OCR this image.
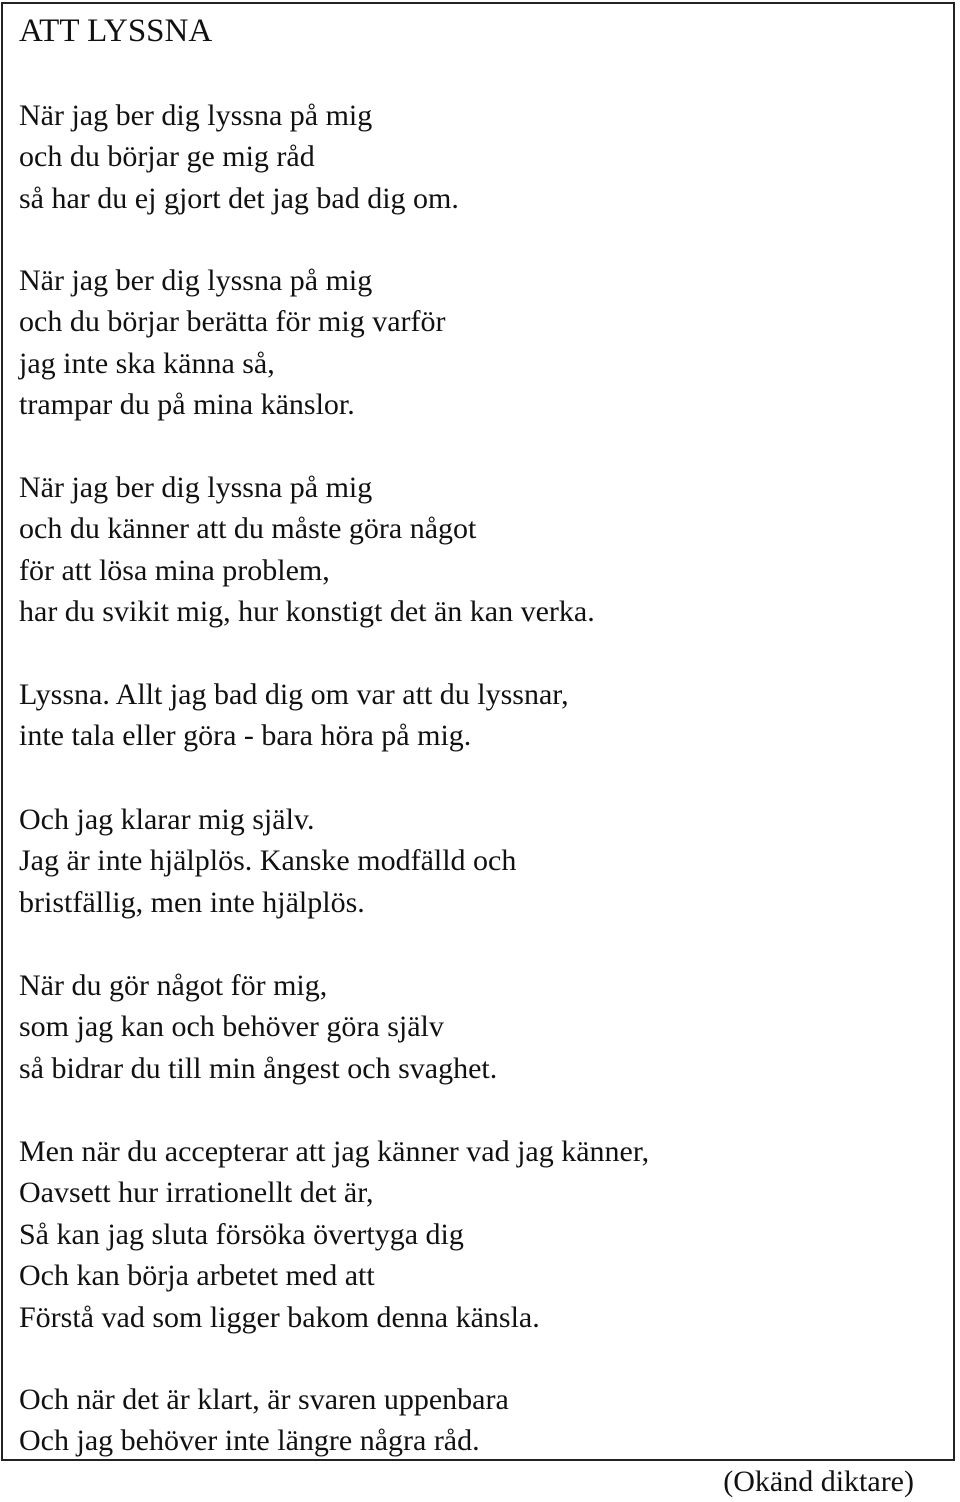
ATT LYSSNA
När jag ber dig lyssna på mig
och du börjar ge mig råd
så har du ej gjort det jag bad dig om.
När jag ber dig lyssna på mig
och du börjar berätta för mig varför
jag inte ska känna så,
trampar du på mina känslor.
När jag ber dig lyssna på mig
och du känner att du måste göra något
för att lösa mina problem,
har du svikit mig, hur konstigt det än kan verka.
Lyssna. Allt jag bad dig om var att du lyssnar,
inte tala eller göra - bara höra på mig.
Och jag klarar mig själv.
Jag är inte hjälplös. Kanske modfälld och
bristfällig, men inte hjälplös.
När du gör något för mig,
som jag kan och behöver göra själv
så bidrar du till min ångest och svaghet.
Men när du accepterar att jag känner vad jag känner,
Oavsett hur irrationellt det är,
Så kan jag sluta försöka övertyga dig
Och kan börja arbetet med att
Förstå vad som ligger bakom denna känsla.
Och när det är klart, är svaren uppenbara
Och jag behöver inte längre några råd.
(Okänd diktare)
